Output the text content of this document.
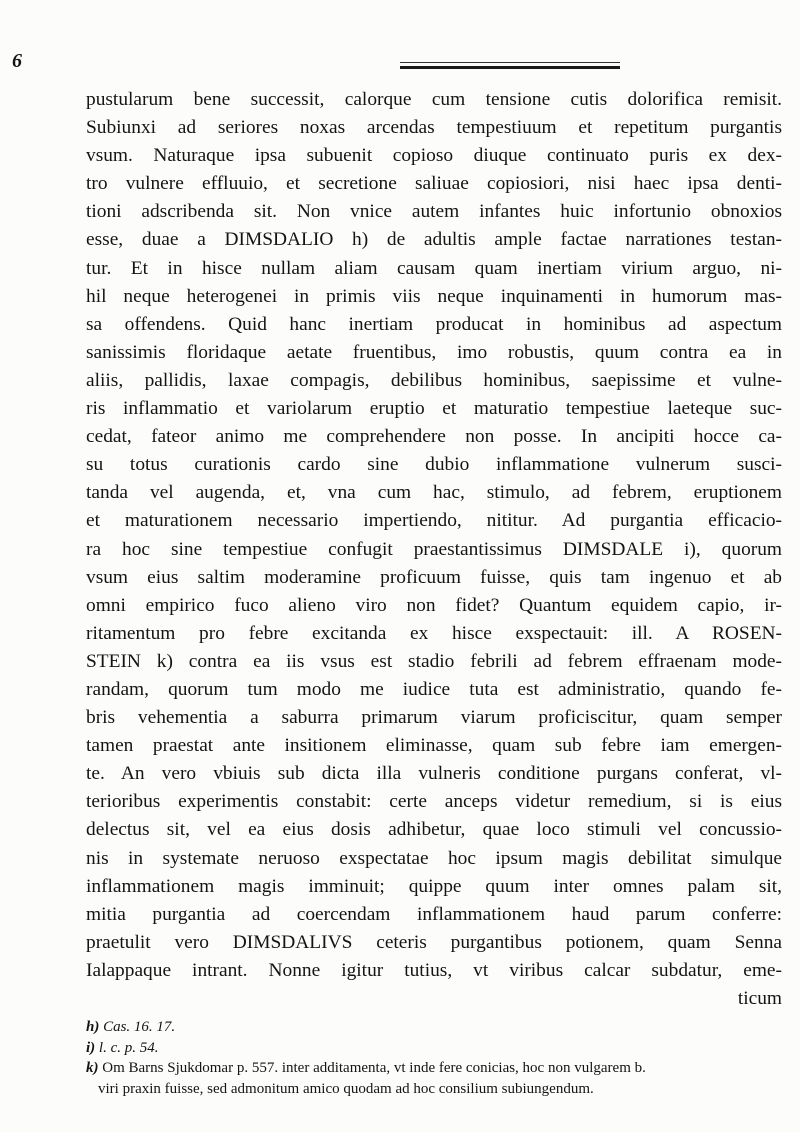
6
pustularum bene successit, calorque cum tensione cutis dolorifica remisit.
Subiunxi ad seriores noxas arcendas tempestiuum et repetitum purgantis
vsum. Naturaque ipsa subuenit copioso diuque continuato puris ex dex-
tro vulnere effluuio, et secretione saliuae copiosiori, nisi haec ipsa denti-
tioni adscribenda sit. Non vnice autem infantes huic infortunio obnoxios
esse, duae a DIMSDALIO h) de adultis ample factae narrationes testan-
tur. Et in hisce nullam aliam causam quam inertiam virium arguo, ni-
hil neque heterogenei in primis viis neque inquinamenti in humorum mas-
sa offendens. Quid hanc inertiam producat in hominibus ad aspectum
sanissimis floridaque aetate fruentibus, imo robustis, quum contra ea in
aliis, pallidis, laxae compagis, debilibus hominibus, saepissime et vulne-
ris inflammatio et variolarum eruptio et maturatio tempestiue laeteque suc-
cedat, fateor animo me comprehendere non posse. In ancipiti hocce ca-
su totus curationis cardo sine dubio inflammatione vulnerum susci-
tanda vel augenda, et, vna cum hac, stimulo, ad febrem, eruptionem
et maturationem necessario impertiendo, nititur. Ad purgantia efficacio-
ra hoc sine tempestiue confugit praestantissimus DIMSDALE i), quorum
vsum eius saltim moderamine proficuum fuisse, quis tam ingenuo et ab
omni empirico fuco alieno viro non fidet? Quantum equidem capio, ir-
ritamentum pro febre excitanda ex hisce exspectauit: ill. A ROSEN-
STEIN k) contra ea iis vsus est stadio febrili ad febrem effraenam mode-
randam, quorum tum modo me iudice tuta est administratio, quando fe-
bris vehementia a saburra primarum viarum proficiscitur, quam semper
tamen praestat ante insitionem eliminasse, quam sub febre iam emergen-
te. An vero vbiuis sub dicta illa vulneris conditione purgans conferat, vl-
terioribus experimentis constabit: certe anceps videtur remedium, si is eius
delectus sit, vel ea eius dosis adhibetur, quae loco stimuli vel concussio-
nis in systemate neruoso exspectatae hoc ipsum magis debilitat simulque
inflammationem magis imminuit; quippe quum inter omnes palam sit,
mitia purgantia ad coercendam inflammationem haud parum conferre:
praetulit vero DIMSDALIVS ceteris purgantibus potionem, quam Senna
Ialappaque intrant. Nonne igitur tutius, vt viribus calcar subdatur, eme-
ticum
h) Cas. 16. 17.
i) l. c. p. 54.
k) Om Barns Sjukdomar p. 557. inter additamenta, vt inde fere conicias, hoc non vulgarem b.
viri praxin fuisse, sed admonitum amico quodam ad hoc consilium subiungendum.
